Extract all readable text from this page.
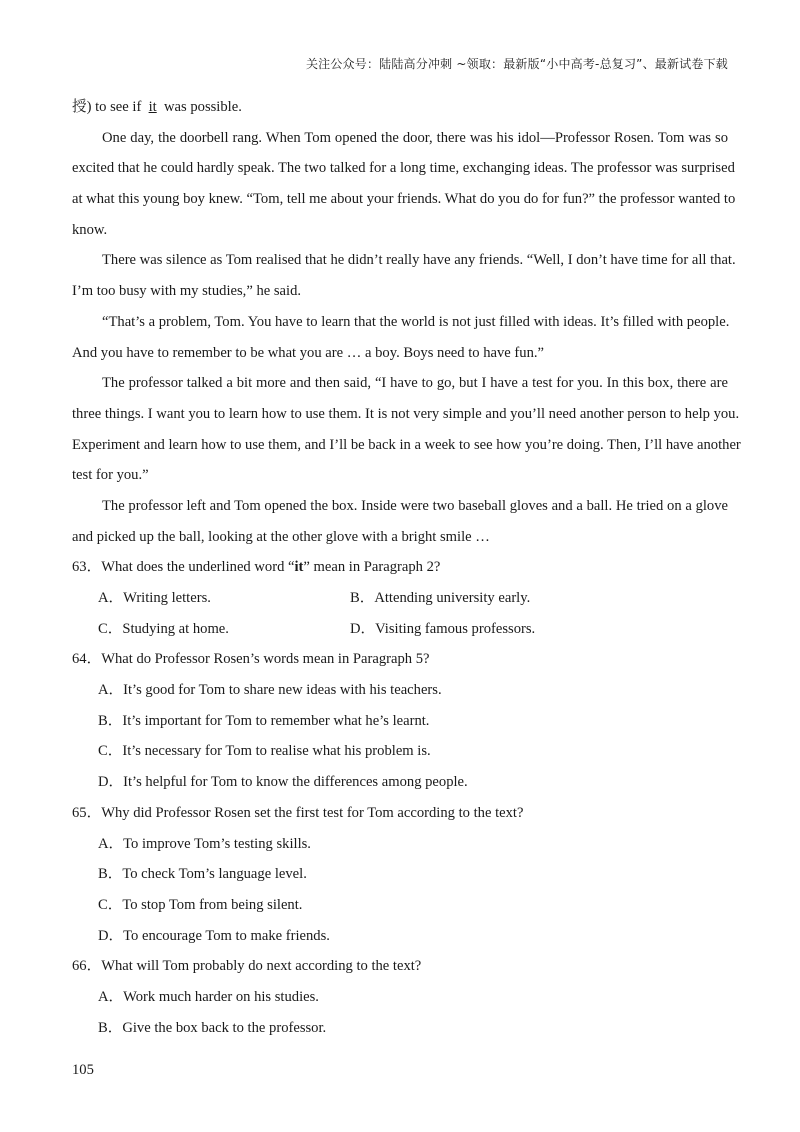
关注公众号：陆陆高分冲刺 ~领取：最新版“小中高考-总复习”、最新试卷下载
授) to see if it was possible.
One day, the doorbell rang. When Tom opened the door, there was his idol—Professor Rosen. Tom was so
excited that he could hardly speak. The two talked for a long time, exchanging ideas. The professor was surprised
at what this young boy knew. “Tom, tell me about your friends. What do you do for fun?” the professor wanted to
know.
There was silence as Tom realised that he didn’t really have any friends. “Well, I don’t have time for all that.
I’m too busy with my studies,” he said.
“That’s a problem, Tom. You have to learn that the world is not just filled with ideas. It’s filled with people.
And you have to remember to be what you are … a boy. Boys need to have fun.”
The professor talked a bit more and then said, “I have to go, but I have a test for you. In this box, there are
three things. I want you to learn how to use them. It is not very simple and you’ll need another person to help you.
Experiment and learn how to use them, and I’ll be back in a week to see how you’re doing. Then, I’ll have another
test for you.”
The professor left and Tom opened the box. Inside were two baseball gloves and a ball. He tried on a glove
and picked up the ball, looking at the other glove with a bright smile …
63．What does the underlined word “it” mean in Paragraph 2?
A．Writing letters.	B．Attending university early.
C．Studying at home.	D．Visiting famous professors.
64．What do Professor Rosen’s words mean in Paragraph 5?
A．It’s good for Tom to share new ideas with his teachers.
B．It’s important for Tom to remember what he’s learnt.
C．It’s necessary for Tom to realise what his problem is.
D．It’s helpful for Tom to know the differences among people.
65．Why did Professor Rosen set the first test for Tom according to the text?
A．To improve Tom’s testing skills.
B．To check Tom’s language level.
C．To stop Tom from being silent.
D．To encourage Tom to make friends.
66．What will Tom probably do next according to the text?
A．Work much harder on his studies.
B．Give the box back to the professor.
105
